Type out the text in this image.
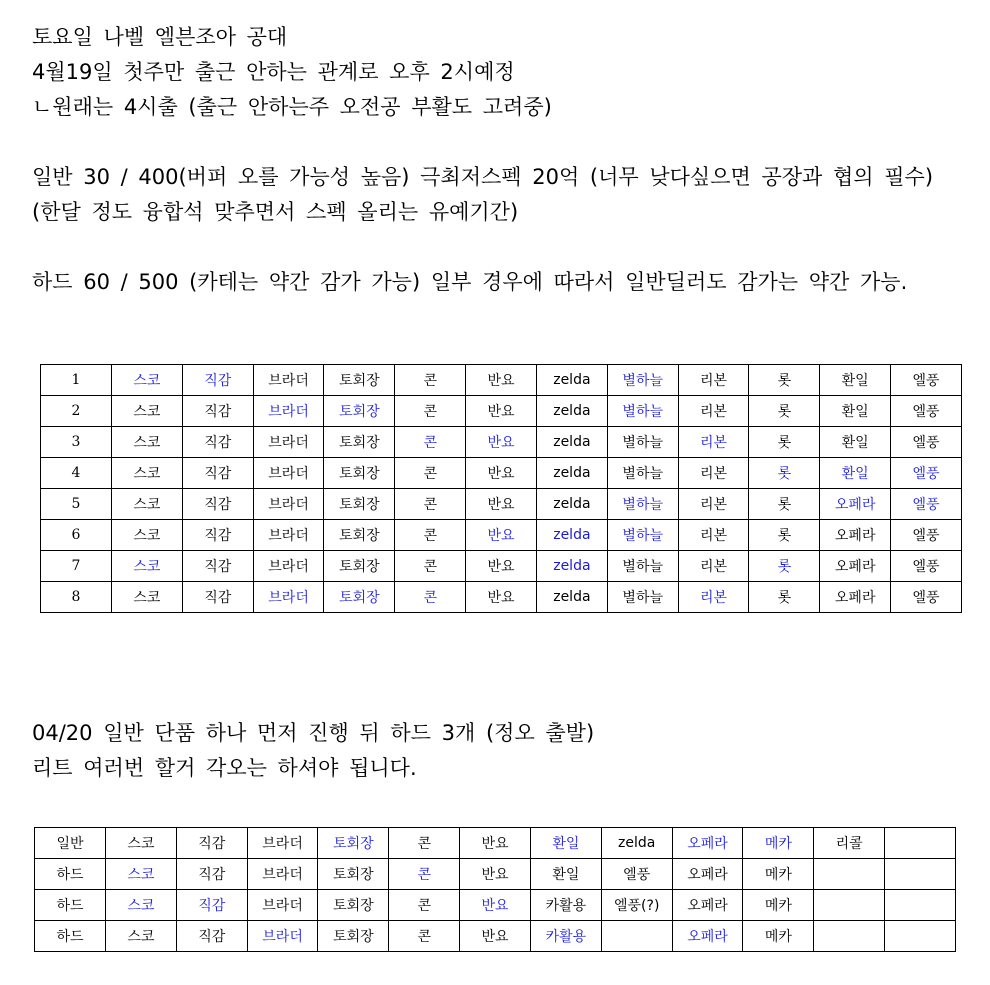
토요일 나벨 엘븐조아 공대
4월19일 첫주만 출근 안하는 관계로 오후 2시예정
ㄴ원래는 4시출 (출근 안하는주 오전공 부활도 고려중)
일반 30 / 400(버퍼 오를 가능성 높음) 극최저스펙 20억 (너무 낮다싶으면 공장과 협의 필수)
(한달 정도 융합석 맞추면서 스펙 올리는 유예기간)
하드 60 / 500 (카테는 약간 감가 가능) 일부 경우에 따라서 일반딜러도 감가는 약간 가능.
1	스코	직감	브라더	토회장	콘	반요	zelda	별하늘	리본	롯	환일	엘풍
2	스코	직감	브라더	토회장	콘	반요	zelda	별하늘	리본	롯	환일	엘풍
3	스코	직감	브라더	토회장	콘	반요	zelda	별하늘	리본	롯	환일	엘풍
4	스코	직감	브라더	토회장	콘	반요	zelda	별하늘	리본	롯	환일	엘풍
5	스코	직감	브라더	토회장	콘	반요	zelda	별하늘	리본	롯	오페라	엘풍
6	스코	직감	브라더	토회장	콘	반요	zelda	별하늘	리본	롯	오페라	엘풍
7	스코	직감	브라더	토회장	콘	반요	zelda	별하늘	리본	롯	오페라	엘풍
8	스코	직감	브라더	토회장	콘	반요	zelda	별하늘	리본	롯	오페라	엘풍
04/20 일반 단품 하나 먼저 진행 뒤 하드 3개 (정오 출발)
리트 여러번 할거 각오는 하셔야 됩니다.
일반	스코	직감	브라더	토회장	콘	반요	환일	zelda	오페라	메카	리콜	
하드	스코	직감	브라더	토회장	콘	반요	환일	엘풍	오페라	메카		
하드	스코	직감	브라더	토회장	콘	반요	카활용	엘풍(?)	오페라	메카		
하드	스코	직감	브라더	토회장	콘	반요	카활용		오페라	메카		
